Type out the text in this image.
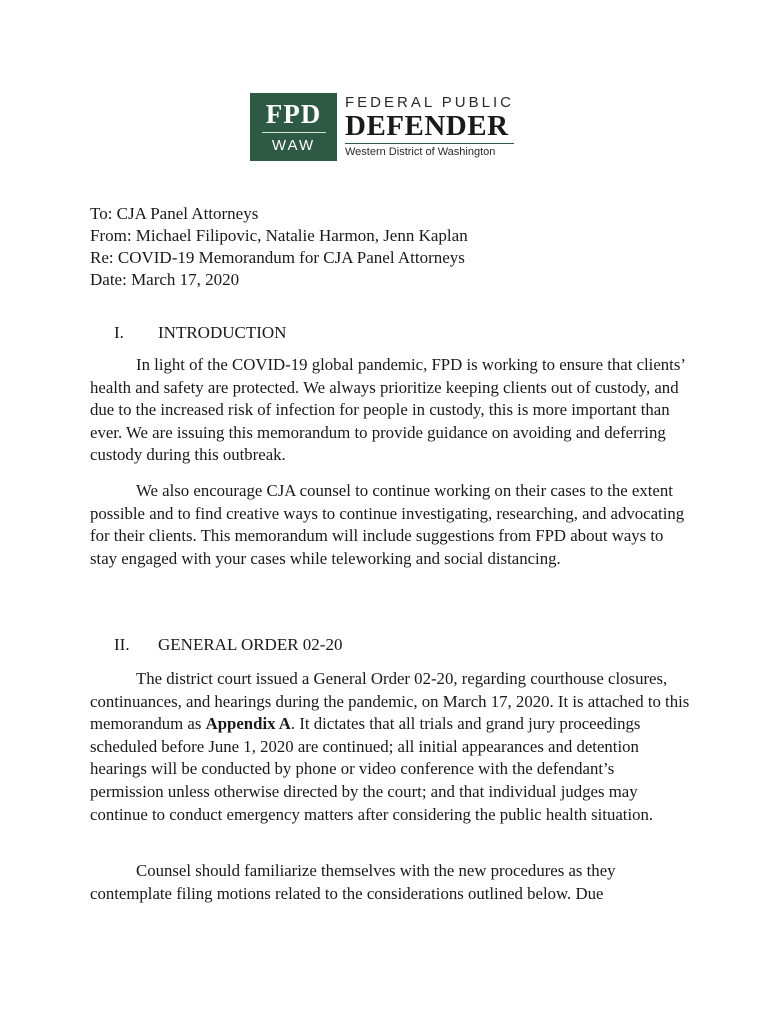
FPD
WAW
FEDERAL PUBLIC
DEFENDER
Western District of Washington
To: CJA Panel Attorneys
From: Michael Filipovic, Natalie Harmon, Jenn Kaplan
Re: COVID-19 Memorandum for CJA Panel Attorneys
Date: March 17, 2020
I. INTRODUCTION

In light of the COVID-19 global pandemic, FPD is working to ensure that clients’ health and safety are protected. We always prioritize keeping clients out of custody, and due to the increased risk of infection for people in custody, this is more important than ever. We are issuing this memorandum to provide guidance on avoiding and deferring custody during this outbreak.

We also encourage CJA counsel to continue working on their cases to the extent possible and to find creative ways to continue investigating, researching, and advocating for their clients. This memorandum will include suggestions from FPD about ways to stay engaged with your cases while teleworking and social distancing.

II. GENERAL ORDER 02-20

The district court issued a General Order 02-20, regarding courthouse closures, continuances, and hearings during the pandemic, on March 17, 2020. It is attached to this memorandum as Appendix A. It dictates that all trials and grand jury proceedings scheduled before June 1, 2020 are continued; all initial appearances and detention hearings will be conducted by phone or video conference with the defendant’s permission unless otherwise directed by the court; and that individual judges may continue to conduct emergency matters after considering the public health situation.

Counsel should familiarize themselves with the new procedures as they contemplate filing motions related to the considerations outlined below. Due
